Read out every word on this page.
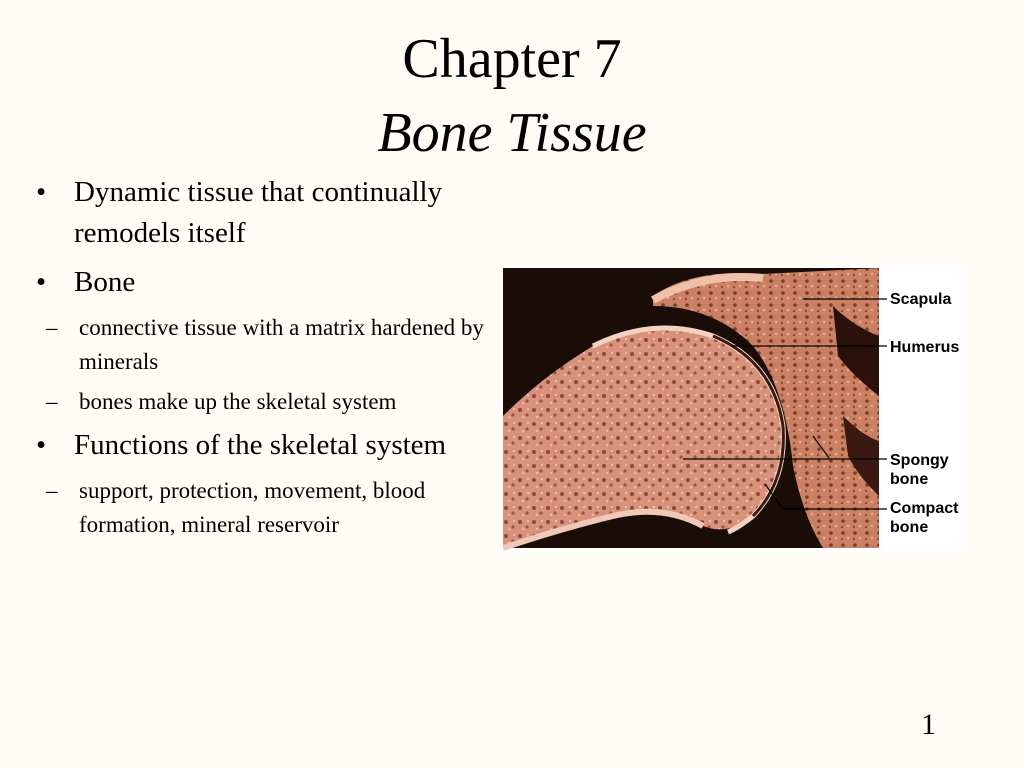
Chapter 7
Bone Tissue
• Dynamic tissue that continually remodels itself
• Bone
– connective tissue with a matrix hardened by minerals
– bones make up the skeletal system
• Functions of the skeletal system
– support, protection, movement, blood formation, mineral reservoir
Scapula
Humerus
Spongy
bone
Compact
bone
1
